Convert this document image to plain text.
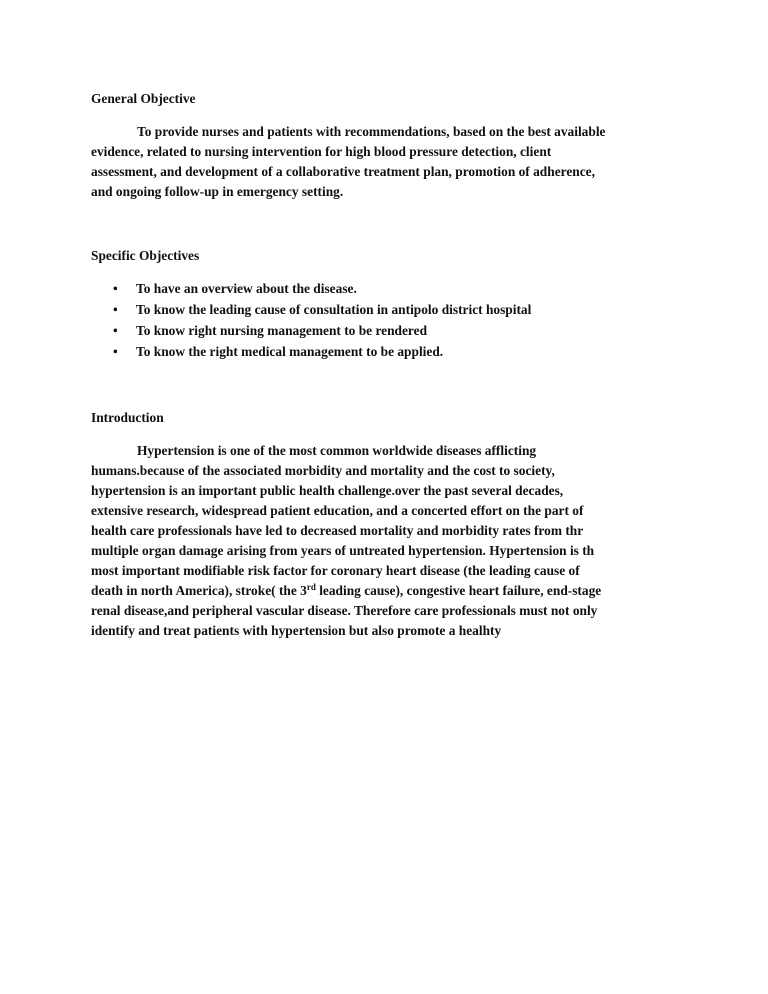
General Objective

To provide nurses and patients with recommendations, based on the best available
evidence, related to nursing intervention for high blood pressure detection, client
assessment, and development of a collaborative treatment plan, promotion of adherence,
and ongoing follow-up in emergency setting.

Specific Objectives
• To have an overview about the disease.
• To know the leading cause of consultation in antipolo district hospital
• To know right nursing management to be rendered
• To know the right medical management to be applied.
Introduction

Hypertension is one of the most common worldwide diseases afflicting
humans.because of the associated morbidity and mortality and the cost to society,
hypertension is an important public health challenge.over the past several decades,
extensive research, widespread patient education, and a concerted effort on the part of
health care professionals have led to decreased mortality and morbidity rates from thr
multiple organ damage arising from years of untreated hypertension. Hypertension is th
most important modifiable risk factor for coronary heart disease (the leading cause of
death in north America), stroke( the 3rd leading cause), congestive heart failure, end-stage
renal disease,and peripheral vascular disease. Therefore care professionals must not only
identify and treat patients with hypertension but also promote a healhty
